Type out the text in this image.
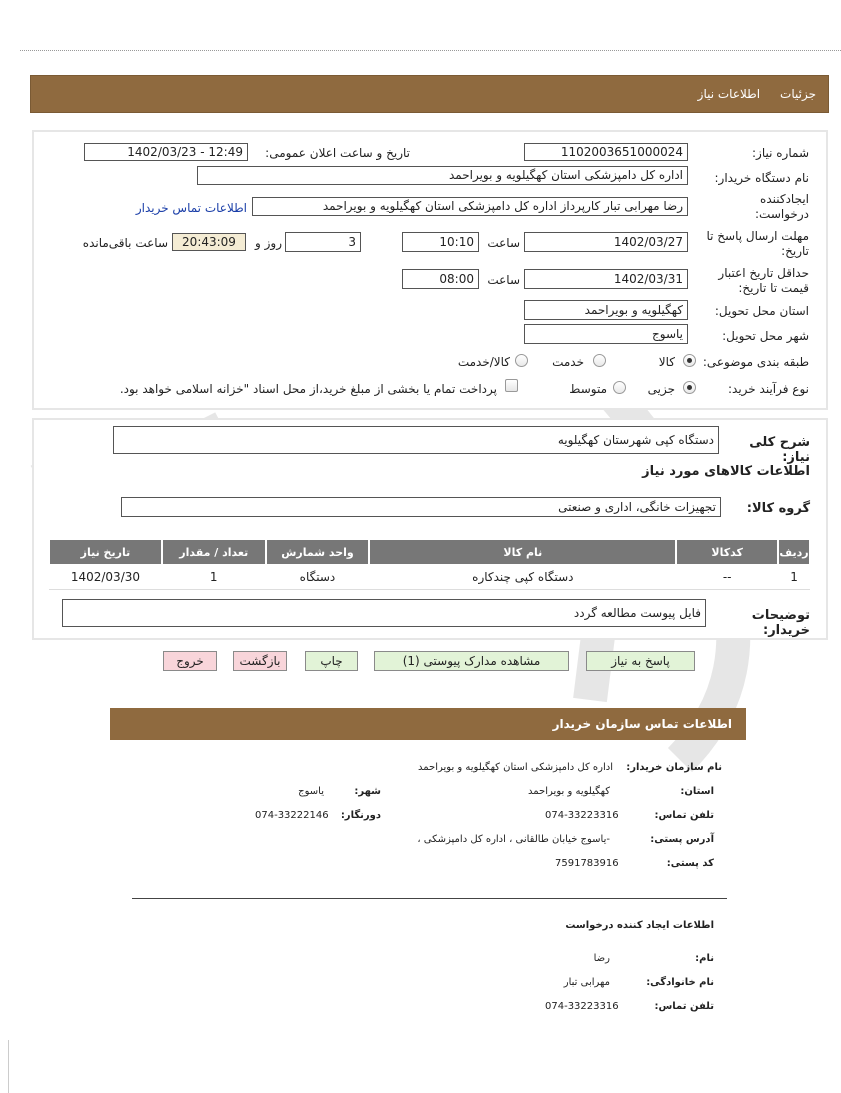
جزئیات
اطلاعات نیاز
شماره نیاز:
1102003651000024
تاریخ و ساعت اعلان عمومی:
1402/03/23 - 12:49
نام دستگاه خریدار:
اداره کل دامپزشکی استان کهگیلویه و بویراحمد
ایجادکننده
درخواست:
رضا مهرابی تبار کارپرداز اداره کل دامپزشکی استان کهگیلویه و بویراحمد
اطلاعات تماس خریدار
مهلت ارسال پاسخ تا
تاریخ:
1402/03/27
ساعت
10:10
3
روز و
20:43:09
ساعت باقی‌مانده
حداقل تاریخ اعتبار
قیمت تا تاریخ:
1402/03/31
ساعت
08:00
استان محل تحویل:
کهگیلویه و بویراحمد
شهر محل تحویل:
یاسوج
طبقه بندی موضوعی:
کالا
خدمت
کالا/خدمت
نوع فرآیند خرید:
جزیی
متوسط
پرداخت تمام یا بخشی از مبلغ خرید،از محل اسناد "خزانه اسلامی خواهد بود.
شرح کلی نیاز:
دستگاه کپی شهرستان کهگیلویه
اطلاعات کالاهای مورد نیاز
گروه کالا:
تجهیزات خانگی، اداری و صنعتی
ردیف	کدکالا	نام کالا	واحد شمارش	تعداد / مقدار	تاریخ نیاز
1	--	دستگاه کپی چندکاره	دستگاه	1	1402/03/30
توضیحات خریدار:
فایل پیوست مطالعه گردد
پاسخ به نیاز
مشاهده مدارک پیوستی (1)
چاپ
بازگشت
خروج
اطلاعات تماس سازمان خریدار
نام سازمان خریدار:
اداره کل دامپزشکی استان کهگیلویه و بویراحمد
استان:
کهگیلویه و بویراحمد
شهر:
یاسوج
تلفن تماس:
074-33223316
دورنگار:
074-33222146
آدرس پستی:
-یاسوج خیابان طالقانی ، اداره کل دامپزشکی ،
کد پستی:
7591783916
اطلاعات ایجاد کننده درخواست
نام:
رضا
نام خانوادگی:
مهرابی تبار
تلفن تماس:
074-33223316
